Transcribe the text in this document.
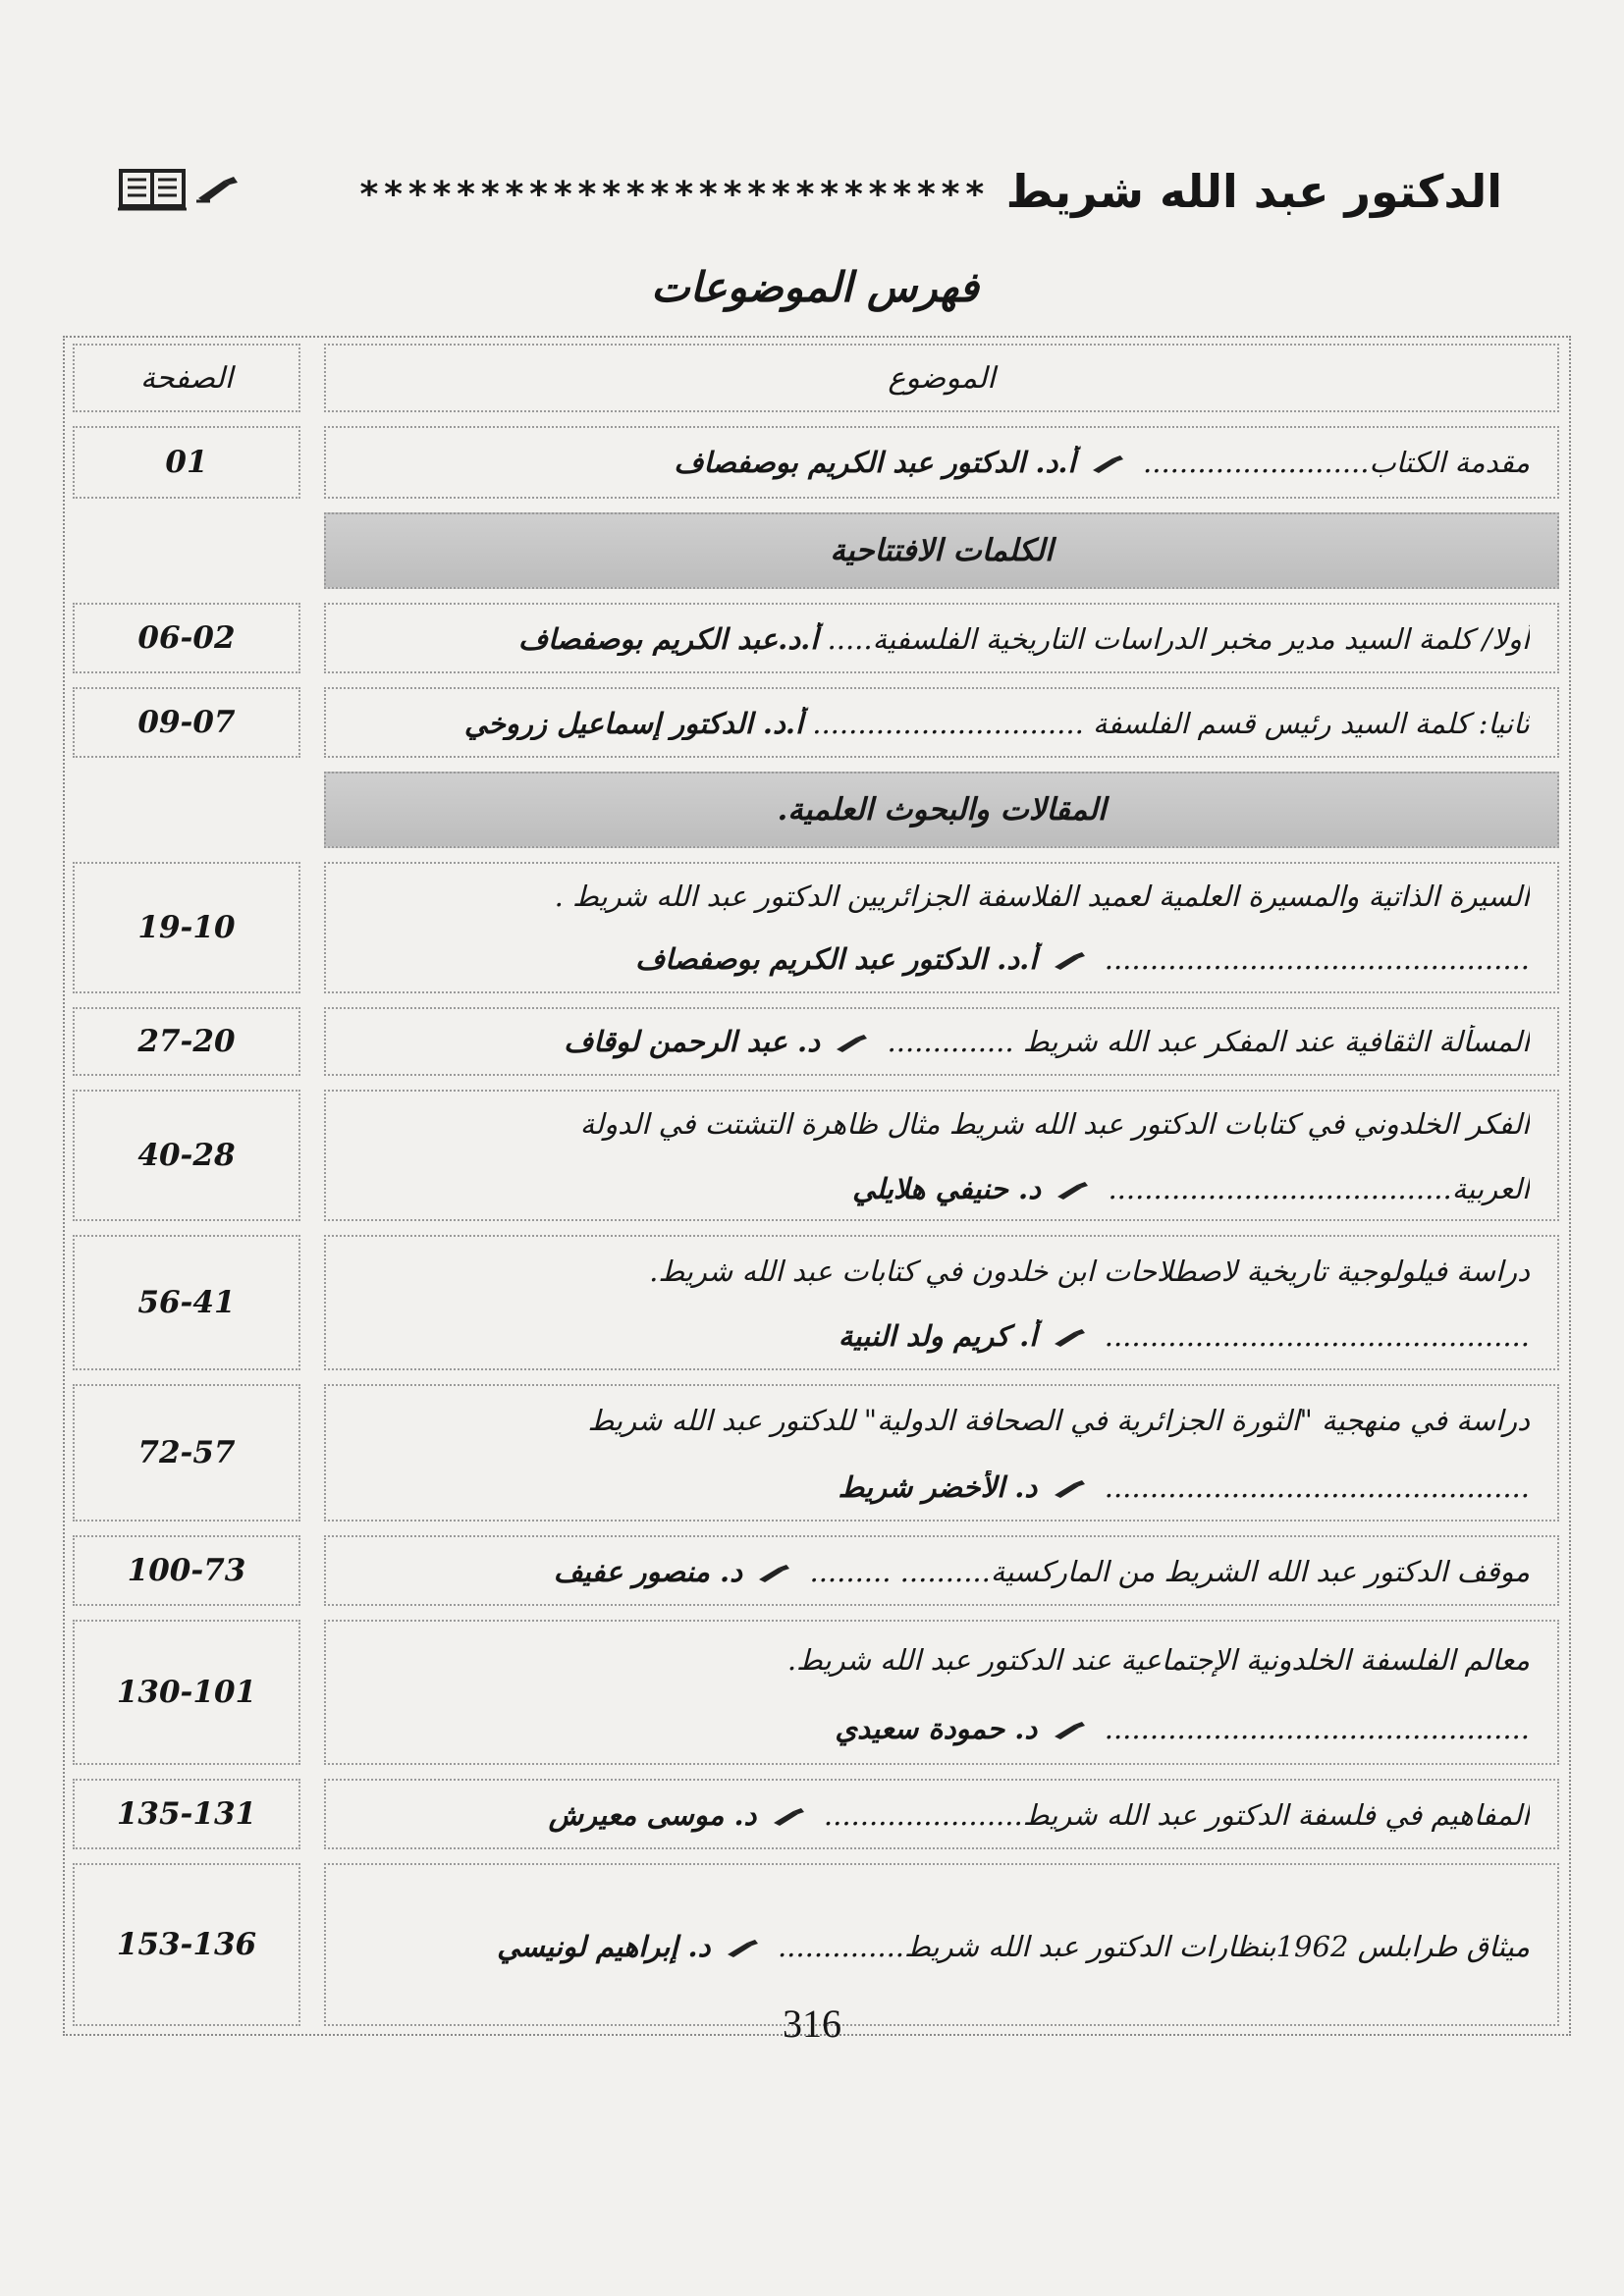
الدكتور عبد الله شريط
**************************
فهرس الموضوعات
الموضوع
الصفحة
مقدمة الكتاب.........................  أ.د. الدكتور عبد الكريم بوصفصاف
01
الكلمات الافتتاحية
أولا/ كلمة السيد مدير مخبر الدراسات التاريخية الفلسفية..... أ.د.عبد الكريم بوصفصاف
06-02
ثانيا: كلمة السيد رئيس قسم الفلسفة .............................. أ.د. الدكتور إسماعيل زروخي
09-07
المقالات والبحوث العلمية.
السيرة الذاتية والمسيرة العلمية لعميد الفلاسفة الجزائريين الدكتور عبد الله شريط .
...............................................  أ.د. الدكتور عبد الكريم بوصفصاف
19-10
المسألة الثقافية عند المفكر عبد الله شريط ..............  د. عبد الرحمن لوقاف
27-20
الفكر الخلدوني في كتابات الدكتور عبد الله شريط مثال ظاهرة التشتت في الدولة
العربية......................................  د. حنيفي هلايلي
40-28
دراسة فيلولوجية تاريخية لاصطلاحات ابن خلدون في كتابات عبد الله شريط.
...............................................  أ. كريم ولد النبية
56-41
دراسة في منهجية "الثورة الجزائرية في الصحافة الدولية" للدكتور عبد الله شريط
...............................................  د. الأخضر شريط
72-57
موقف الدكتور عبد الله الشريط من الماركسية.......... .........  د. منصور عفيف
100-73
معالم الفلسفة الخلدونية الإجتماعية عند الدكتور عبد الله شريط.
...............................................  د. حمودة سعيدي
130-101
المفاهيم في فلسفة الدكتور عبد الله شريط......................  د. موسى معيرش
135-131
ميثاق طرابلس 1962بنظارات الدكتور عبد الله شريط..............  د. إبراهيم لونيسي
153-136
316
